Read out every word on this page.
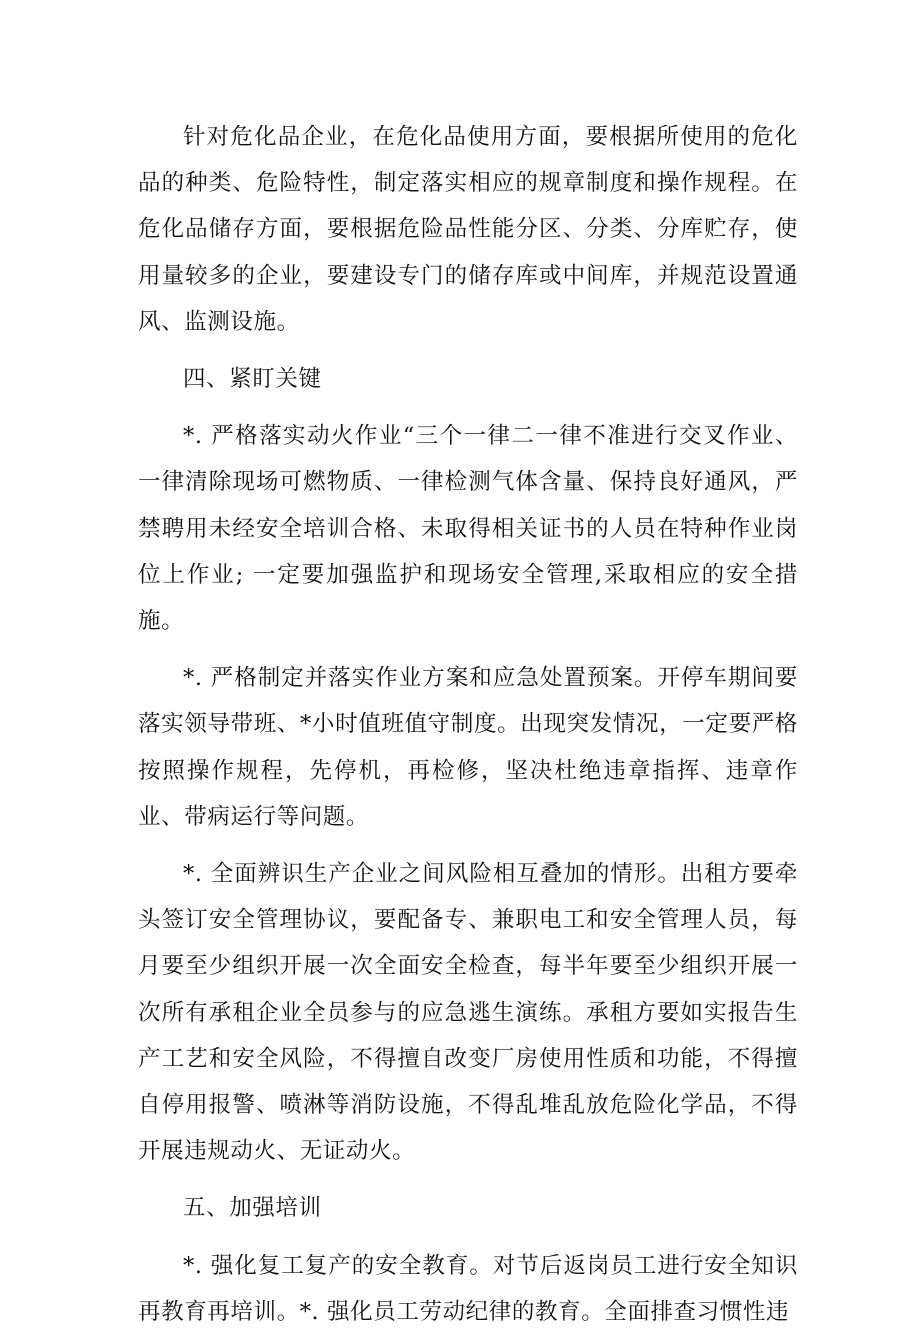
针对危化品企业，在危化品使用方面，要根据所使用的危化品的种类、危险特性，制定落实相应的规章制度和操作规程。在危化品储存方面，要根据危险品性能分区、分类、分库贮存，使用量较多的企业，要建设专门的储存库或中间库，并规范设置通风、监测设施。

四、紧盯关键

*. 严格落实动火作业“三个一律二一律不准进行交叉作业、一律清除现场可燃物质、一律检测气体含量、保持良好通风，严禁聘用未经安全培训合格、未取得相关证书的人员在特种作业岗位上作业; 一定要加强监护和现场安全管理,采取相应的安全措施。

*. 严格制定并落实作业方案和应急处置预案。开停车期间要落实领导带班、*小时值班值守制度。出现突发情况，一定要严格按照操作规程，先停机，再检修，坚决杜绝违章指挥、违章作业、带病运行等问题。

*. 全面辨识生产企业之间风险相互叠加的情形。出租方要牵头签订安全管理协议，要配备专、兼职电工和安全管理人员，每月要至少组织开展一次全面安全检查，每半年要至少组织开展一次所有承租企业全员参与的应急逃生演练。承租方要如实报告生产工艺和安全风险，不得擅自改变厂房使用性质和功能，不得擅自停用报警、喷淋等消防设施，不得乱堆乱放危险化学品，不得开展违规动火、无证动火。

五、加强培训

*. 强化复工复产的安全教育。对节后返岗员工进行安全知识再教育再培训。*. 强化员工劳动纪律的教育。全面排查习惯性违
